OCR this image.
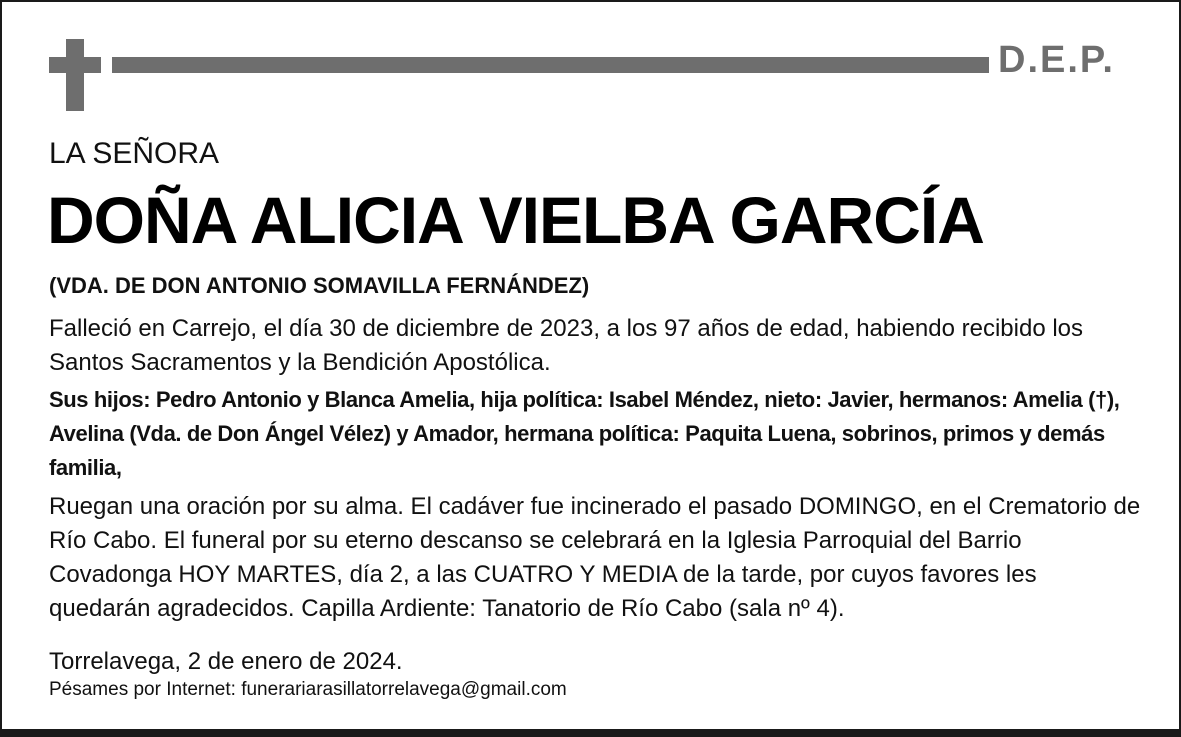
D.E.P.
LA SEÑORA
DOÑA ALICIA VIELBA GARCÍA
(VDA. DE DON ANTONIO SOMAVILLA FERNÁNDEZ)
Falleció en Carrejo, el día 30 de diciembre de 2023, a los 97 años de edad, habiendo recibido los Santos Sacramentos y la Bendición Apostólica.
Sus hijos: Pedro Antonio y Blanca Amelia, hija política: Isabel Méndez, nieto: Javier, hermanos: Amelia (†), Avelina (Vda. de Don Ángel Vélez) y Amador, hermana política: Paquita Luena, sobrinos, primos y demás familia,
Ruegan una oración por su alma. El cadáver fue incinerado el pasado DOMINGO, en el Crematorio de Río Cabo. El funeral por su eterno descanso se celebrará en la Iglesia Parroquial del Barrio Covadonga HOY MARTES, día 2, a las CUATRO Y MEDIA de la tarde, por cuyos favores les quedarán agradecidos. Capilla Ardiente: Tanatorio de Río Cabo (sala nº 4).
Torrelavega, 2 de enero de 2024.
Pésames por Internet: funerariarasillatorrelavega@gmail.com
